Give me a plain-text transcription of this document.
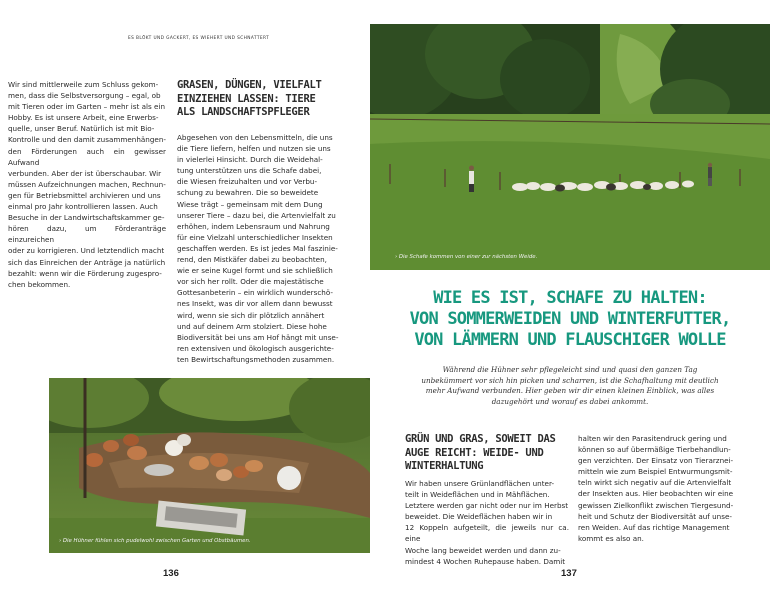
ES BLÖKT UND GACKERT, ES WIEHERT UND SCHNATTERT
Wir sind mittlerweile zum Schluss gekom-
men, dass die Selbstversorgung – egal, ob
mit Tieren oder im Garten – mehr ist als ein
Hobby. Es ist unsere Arbeit, eine Erwerbs-
quelle, unser Beruf. Natürlich ist mit Bio-
Kontrolle und den damit zusammenhängen-
den Förderungen auch ein gewisser Aufwand
verbunden. Aber der ist überschaubar. Wir
müssen Aufzeichnungen machen, Rechnun-
gen für Betriebsmittel archivieren und uns
einmal pro Jahr kontrollieren lassen. Auch
Besuche in der Landwirtschaftskammer ge-
hören dazu, um Förderanträge einzureichen
oder zu korrigieren. Und letztendlich macht
sich das Einreichen der Anträge ja natürlich
bezahlt: wenn wir die Förderung zugespro-
chen bekommen.
GRASEN, DÜNGEN, VIELFALT EINZIEHEN LASSEN: TIERE ALS LANDSCHAFTSPFLEGER
Abgesehen von den Lebensmitteln, die uns
die Tiere liefern, helfen und nutzen sie uns
in vielerlei Hinsicht. Durch die Weidehal-
tung unterstützen uns die Schafe dabei,
die Wiesen freizuhalten und vor Verbu-
schung zu bewahren. Die so beweidete
Wiese trägt – gemeinsam mit dem Dung
unserer Tiere – dazu bei, die Artenvielfalt zu
erhöhen, indem Lebensraum und Nahrung
für eine Vielzahl unterschiedlicher Insekten
geschaffen werden. Es ist jedes Mal faszinie-
rend, den Mistkäfer dabei zu beobachten,
wie er seine Kugel formt und sie schließlich
vor sich her rollt. Oder die majestätische
Gottesanbeterin – ein wirklich wunderschö-
nes Insekt, was dir vor allem dann bewusst
wird, wenn sie sich dir plötzlich annähert
und auf deinem Arm stolziert. Diese hohe
Biodiversität bei uns am Hof hängt mit unse-
ren extensiven und ökologisch ausgerichte-
ten Bewirtschaftungsmethoden zusammen.
› Die Hühner fühlen sich pudelwohl zwischen Garten und Obstbäumen.
136
› Die Schafe kommen von einer zur nächsten Weide.
WIE ES IST, SCHAFE ZU HALTEN:
VON SOMMERWEIDEN UND WINTERFUTTER,
VON LÄMMERN UND FLAUSCHIGER WOLLE
Während die Hühner sehr pflegeleicht sind und quasi den ganzen Tag
unbekümmert vor sich hin picken und scharren, ist die Schafhaltung mit deutlich
mehr Aufwand verbunden. Hier geben wir dir einen kleinen Einblick, was alles
dazugehört und worauf es dabei ankommt.
GRÜN UND GRAS, SOWEIT DAS AUGE REICHT: WEIDE- UND WINTERHALTUNG
Wir haben unsere Grünlandflächen unter-
teilt in Weideflächen und in Mähflächen.
Letztere werden gar nicht oder nur im Herbst
beweidet. Die Weideflächen haben wir in
12 Koppeln aufgeteilt, die jeweils nur ca. eine
Woche lang beweidet werden und dann zu-
mindest 4 Wochen Ruhepause haben. Damit
halten wir den Parasitendruck gering und
können so auf übermäßige Tierbehandlun-
gen verzichten. Der Einsatz von Tierarznei-
mitteln wie zum Beispiel Entwurmungsmit-
teln wirkt sich negativ auf die Artenvielfalt
der Insekten aus. Hier beobachten wir eine
gewissen Zielkonflikt zwischen Tiergesund-
heit und Schutz der Biodiversität auf unse-
ren Weiden. Auf das richtige Management
kommt es also an.
137
